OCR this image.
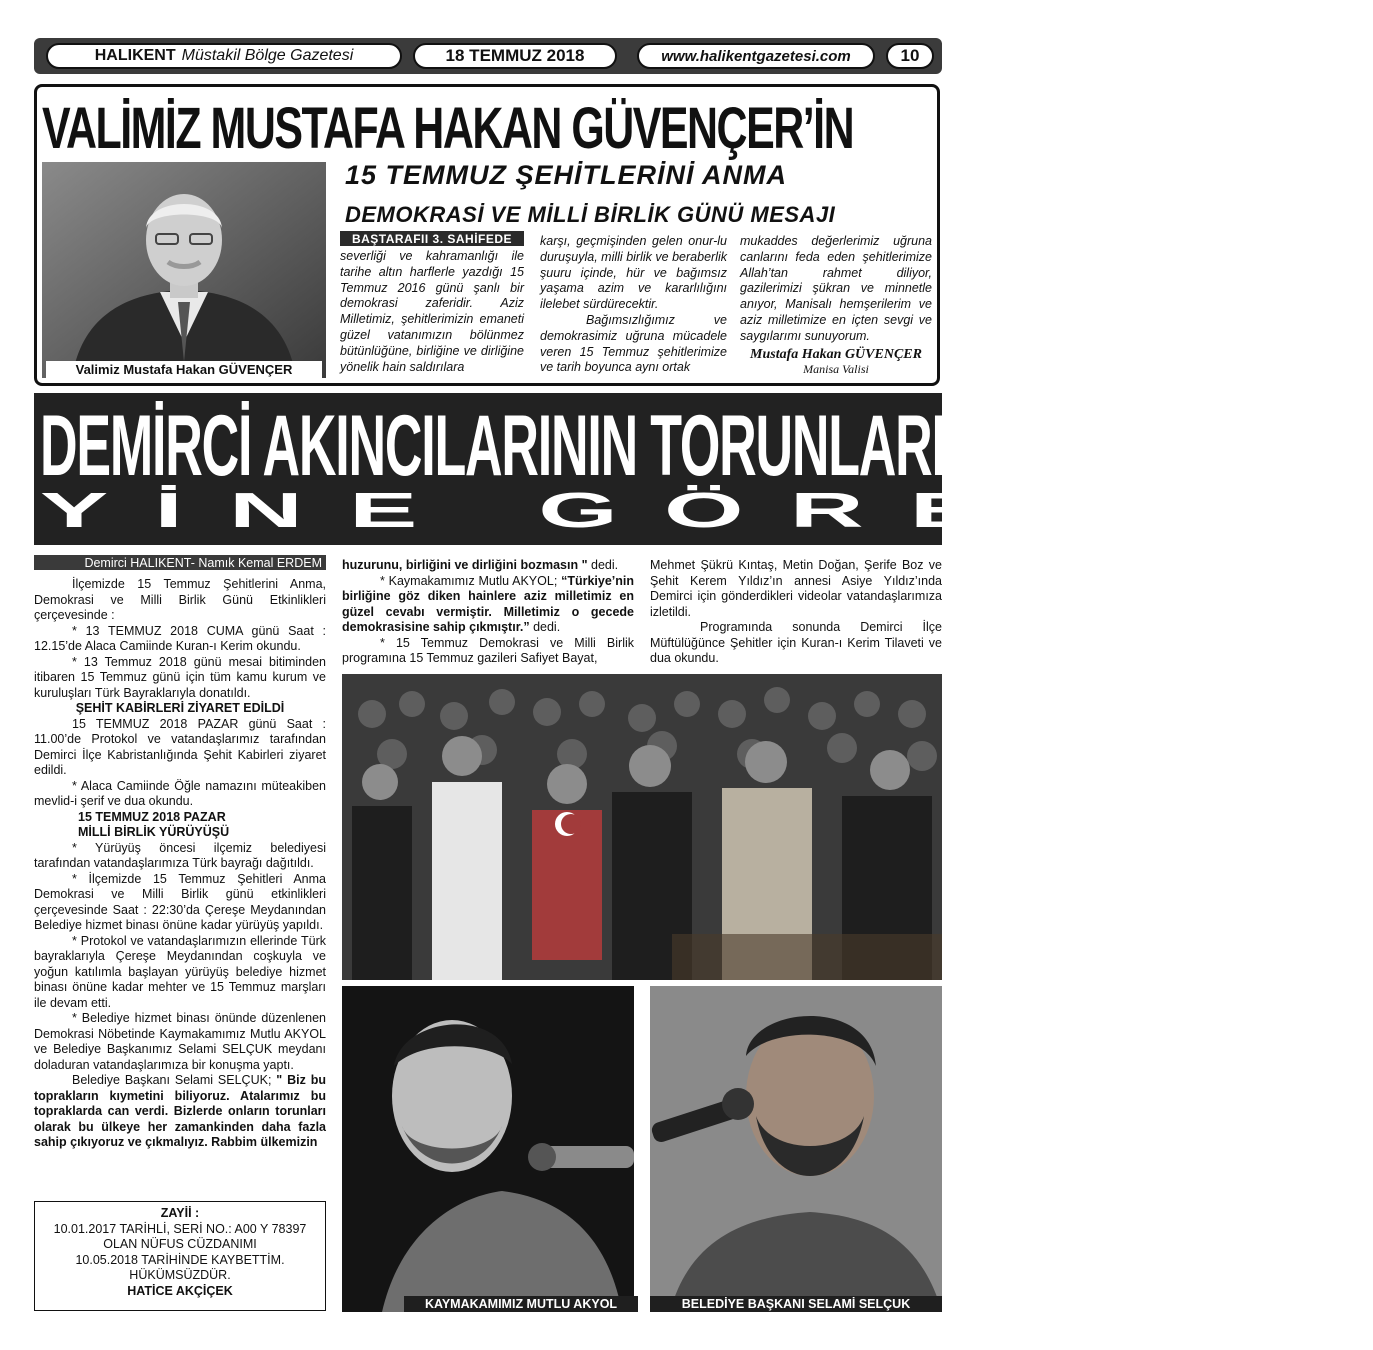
HALIKENT Müstakil Bölge Gazetesi	18 TEMMUZ 2018	www.halikentgazetesi.com	10
VALİMİZ MUSTAFA HAKAN GÜVENÇER’İN
15 TEMMUZ ŞEHİTLERİNİ ANMA
DEMOKRASİ VE MİLLİ BİRLİK GÜNÜ MESAJI
Valimiz Mustafa Hakan GÜVENÇER
BAŞTARAFII 3. SAHİFEDE

severliği ve kahramanlığı ile tarihe altın harflerle yazdığı 15 Temmuz 2016 günü şanlı bir demokrasi zaferidir. Aziz Milletimiz, şehitlerimizin emaneti güzel vatanımızın bölünmez bütünlüğüne, birliğine ve dirliğine yönelik hain saldırılara

karşı, geçmişinden gelen onur-lu duruşuyla, milli birlik ve beraberlik şuuru içinde, hür ve bağımsız yaşama azim ve kararlılığını ilelebet sürdürecektir.

Bağımsızlığımız ve demokrasimiz uğruna mücadele veren 15 Temmuz şehitlerimize ve tarih boyunca aynı ortak

mukaddes değerlerimiz uğruna canlarını feda eden şehitlerimize Allah’tan rahmet diliyor, gazilerimizi şükran ve minnetle anıyor, Manisalı hemşerilerim ve aziz milletimize en içten sevgi ve saygılarımı sunuyorum.

Mustafa Hakan GÜVENÇER
Manisa Valisi
DEMİRCİ AKINCILARININ TORUNLARI
YİNE GÖREVDE
Demirci HALIKENT- Namık Kemal ERDEM

İlçemizde 15 Temmuz Şehitlerini Anma, Demokrasi ve Milli Birlik Günü Etkinlikleri çerçevesinde :

* 13 TEMMUZ 2018 CUMA günü Saat : 12.15’de Alaca Camiinde Kuran-ı Kerim okundu.

* 13 Temmuz 2018 günü mesai bitiminden itibaren 15 Temmuz günü için tüm kamu kurum ve kuruluşları Türk Bayraklarıyla donatıldı.

ŞEHİT KABİRLERİ ZİYARET EDİLDİ

15 TEMMUZ 2018 PAZAR günü Saat : 11.00’de Protokol ve vatandaşlarımız tarafından Demirci İlçe Kabristanlığında Şehit Kabirleri ziyaret edildi.

* Alaca Camiinde Öğle namazını müteakiben mevlid-i şerif ve dua okundu.

15 TEMMUZ 2018 PAZAR

MİLLİ BİRLİK YÜRÜYÜŞÜ

* Yürüyüş öncesi ilçemiz belediyesi tarafından vatandaşlarımıza Türk bayrağı dağıtıldı.

* İlçemizde 15 Temmuz Şehitleri Anma Demokrasi ve Milli Birlik günü etkinlikleri çerçevesinde Saat : 22:30’da Çereşe Meydanından Belediye hizmet binası önüne kadar yürüyüş yapıldı.

* Protokol ve vatandaşlarımızın ellerinde Türk bayraklarıyla Çereşe Meydanından coşkuyla ve yoğun katılımla başlayan yürüyüş belediye hizmet binası önüne kadar mehter ve 15 Temmuz marşları ile devam etti.

* Belediye hizmet binası önünde düzenlenen Demokrasi Nöbetinde Kaymakamımız Mutlu AKYOL ve Belediye Başkanımız Selami SELÇUK meydanı doladuran vatandaşlarımıza bir konuşma yaptı.

Belediye Başkanı Selami SELÇUK; " Biz bu toprakların kıymetini biliyoruz. Atalarımız bu topraklarda can verdi. Bizlerde onların torunları olarak bu ülkeye her zamankinden daha fazla sahip çıkıyoruz ve çıkmalıyız. Rabbim ülkemizin

huzurunu, birliğini ve dirliğini bozmasın " dedi.

* Kaymakamımız Mutlu AKYOL; “Türkiye’nin birliğine göz diken hainlere aziz milletimiz en güzel cevabı vermiştir. Milletimiz o gecede demokrasisine sahip çıkmıştır.” dedi.

* 15 Temmuz Demokrasi ve Milli Birlik programına 15 Temmuz gazileri Safiyet Bayat,

Mehmet Şükrü Kıntaş, Metin Doğan, Şerife Boz ve Şehit Kerem Yıldız’ın annesi Asiye Yıldız’ında Demirci için gönderdikleri videolar vatandaşlarımıza izletildi.

Programında sonunda Demirci İlçe Müftülüğünce Şehitler için Kuran-ı Kerim Tilaveti ve dua okundu.

KAYMAKAMIMIZ MUTLU AKYOL	BELEDİYE BAŞKANI SELAMİ SELÇUK
ZAYİİ :
10.01.2017 TARİHLİ, SERİ NO.: A00 Y 78397
OLAN NÜFUS CÜZDANIMI
10.05.2018 TARİHİNDE KAYBETTİM.
HÜKÜMSÜZDÜR.
HATİCE AKÇİÇEK
